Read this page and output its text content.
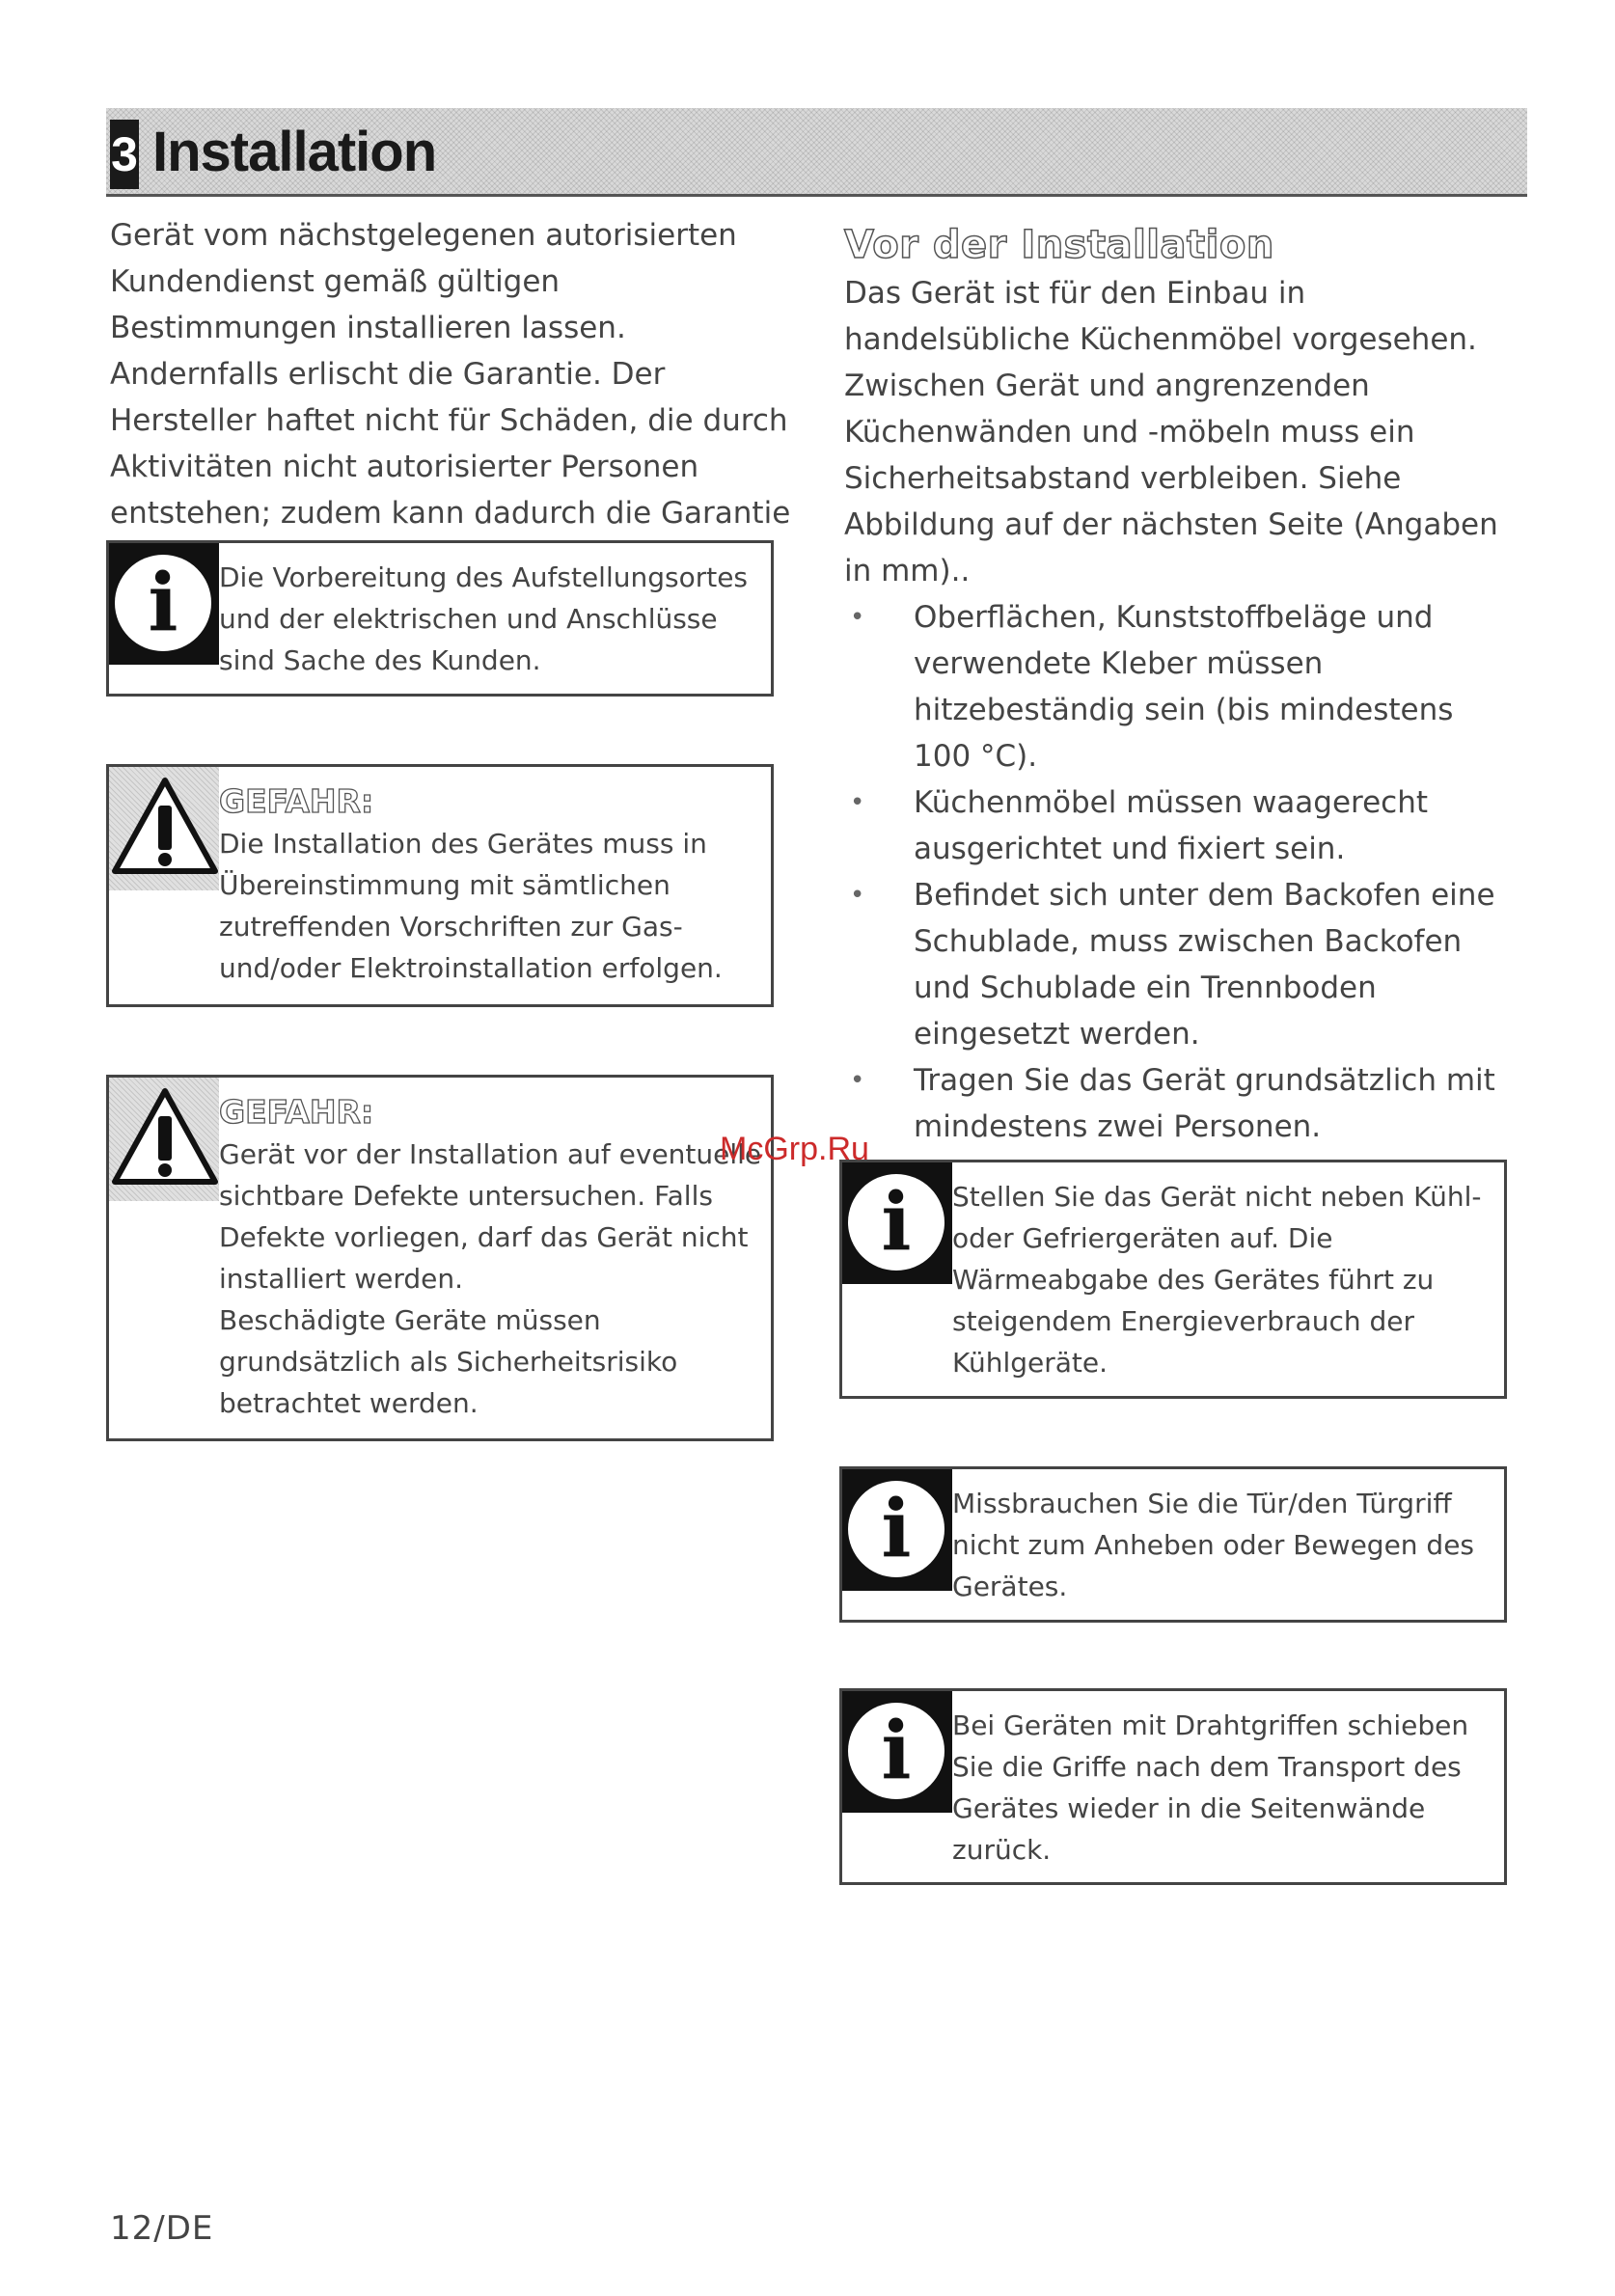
3 Installation

Gerät vom nächstgelegenen autorisierten Kundendienst gemäß gültigen Bestimmungen installieren lassen. Andernfalls erlischt die Garantie. Der Hersteller haftet nicht für Schäden, die durch Aktivitäten nicht autorisierter Personen entstehen; zudem kann dadurch die Garantie

i	Die Vorbereitung des Aufstellungsortes und der elektrischen und Anschlüsse sind Sache des Kunden.
GEFAHR:
Die Installation des Gerätes muss in Übereinstimmung mit sämtlichen zutreffenden Vorschriften zur Gas- und/oder Elektroinstallation erfolgen.
GEFAHR:
Gerät vor der Installation auf eventuelle sichtbare Defekte untersuchen. Falls Defekte vorliegen, darf das Gerät nicht installiert werden.
Beschädigte Geräte müssen grundsätzlich als Sicherheitsrisiko betrachtet werden.
Vor der Installation

Das Gerät ist für den Einbau in handelsübliche Küchenmöbel vorgesehen. Zwischen Gerät und angrenzenden Küchenwänden und -möbeln muss ein Sicherheitsabstand verbleiben. Siehe Abbildung auf der nächsten Seite (Angaben in mm)..

• Oberflächen, Kunststoffbeläge und verwendete Kleber müssen hitzebeständig sein (bis mindestens 100 °C).
• Küchenmöbel müssen waagerecht ausgerichtet und fixiert sein.
• Befindet sich unter dem Backofen eine Schublade, muss zwischen Backofen und Schublade ein Trennboden eingesetzt werden.
• Tragen Sie das Gerät grundsätzlich mit mindestens zwei Personen.
i	Stellen Sie das Gerät nicht neben Kühl- oder Gefriergeräten auf. Die Wärmeabgabe des Gerätes führt zu steigendem Energieverbrauch der Kühlgeräte.
i	Missbrauchen Sie die Tür/den Türgriff nicht zum Anheben oder Bewegen des Gerätes.
i	Bei Geräten mit Drahtgriffen schieben Sie die Griffe nach dem Transport des Gerätes wieder in die Seitenwände zurück.
McGrp.Ru
12/DE
